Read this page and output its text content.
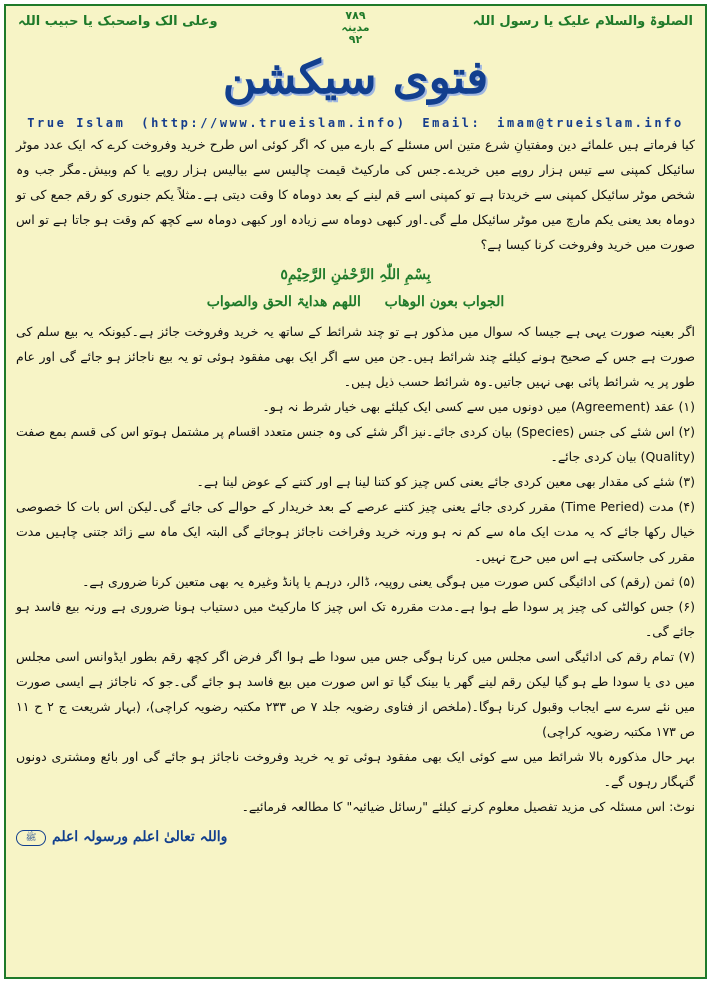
الصلوۃ والسلام علیک یا رسول اللہ
۷۸۹
مدینہ
۹۲
وعلی الک واصحبک یا حبیب اللہ
فتوی سیکشن
True Islam (http://www.trueislam.info) Email: imam@trueislam.info

کیا فرماتے ہیں علمائے دین ومفتیانِ شرع متین اس مسئلے کے بارے میں کہ اگر کوئی اس طرح خرید وفروخت کرے کہ ایک عدد موٹر سائیکل کمپنی سے تیس ہزار روپے میں خریدے۔جس کی مارکیٹ قیمت چالیس سے بیالیس ہزار روپے یا کم وبیش۔مگر جب وہ شخص موٹر سائیکل کمپنی سے خریدتا ہے تو کمپنی اسے قم لینے کے بعد دوماہ کا وقت دیتی ہے۔مثلاً یکم جنوری کو رقم جمع کی تو دوماہ بعد یعنی یکم مارچ میں موٹر سائیکل ملے گی۔اور کبھی دوماہ سے زیادہ اور کبھی دوماہ سے کچھ کم وقت ہو جاتا ہے تو اس صورت میں خرید وفروخت کرنا کیسا ہے؟

بِسْمِ اللّٰہِ الرَّحْمٰنِ الرَّحِیْمِ٥
الجواب بعون الوھاب  اللھم ھدایۃ الحق والصواب

اگر بعینہ صورت یہی ہے جیسا کہ سوال میں مذکور ہے تو چند شرائط کے ساتھ یہ خرید وفروخت جائز ہے۔کیونکہ یہ بیع سلم کی صورت ہے جس کے صحیح ہونے کیلئے چند شرائط ہیں۔جن میں سے اگر ایک بھی مفقود ہوئی تو یہ بیع ناجائز ہو جائے گی اور عام طور پر یہ شرائط پائی بھی نہیں جاتیں۔وہ شرائط حسب ذیل ہیں۔

(۱) عقد (Agreement) میں دونوں میں سے کسی ایک کیلئے بھی خیار شرط نہ ہو۔

(۲) اس شئے کی جنس (Species) بیان کردی جائے۔نیز اگر شئے کی وہ جنس متعدد اقسام پر مشتمل ہوتو اس کی قسم بمع صفت (Quality) بیان کردی جائے۔

(۳) شئے کی مقدار بھی معین کردی جائے یعنی کس چیز کو کتنا لینا ہے اور کتنے کے عوض لینا ہے۔

(۴) مدت (Time Peried) مقرر کردی جائے یعنی چیز کتنے عرصے کے بعد خریدار کے حوالے کی جائے گی۔لیکن اس بات کا خصوصی خیال رکھا جائے کہ یہ مدت ایک ماہ سے کم نہ ہو ورنہ خرید وفراخت ناجائز ہوجائے گی البتہ ایک ماہ سے زائد جتنی چاہیں مدت مقرر کی جاسکتی ہے اس میں حرج نہیں۔

(۵) ثمن (رقم) کی ادائیگی کس صورت میں ہوگی یعنی روپیہ، ڈالر، درہم یا پانڈ وغیرہ یہ بھی متعین کرنا ضروری ہے۔

(۶) جس کوالٹی کی چیز پر سودا طے ہوا ہے۔مدت مقررہ تک اس چیز کا مارکیٹ میں دستیاب ہونا ضروری ہے ورنہ بیع فاسد ہو جائے گی۔

(۷) تمام رقم کی ادائیگی اسی مجلس میں کرنا ہوگی جس میں سودا طے ہوا اگر فرض اگر کچھ رقم بطور ایڈوانس اسی مجلس میں دی یا سودا طے ہو گیا لیکن رقم لینے گھر یا بینک گیا تو اس صورت میں بیع فاسد ہو جائے گی۔جو کہ ناجائز ہے ایسی صورت میں نئے سرے سے ایجاب وقبول کرنا ہوگا۔(ملخص از فتاوی رضویہ جلد ۷ ص ۲۳۳ مکتبہ رضویہ کراچی)، (بہار شریعت ج ۲ ح ۱۱ ص ۱۷۳ مکتبہ رضویہ کراچی)

بہر حال مذکورہ بالا شرائط میں سے کوئی ایک بھی مفقود ہوئی تو یہ خرید وفروخت ناجائز ہو جائے گی اور بائع ومشتری دونوں گنہگار رہوں گے۔

نوٹ: اس مسئلہ کی مزید تفصیل معلوم کرنے کیلئے "رسائل ضیائیہ" کا مطالعہ فرمائیے۔

واللہ تعالیٰ اعلم ورسولہ اعلم
ﷺ
